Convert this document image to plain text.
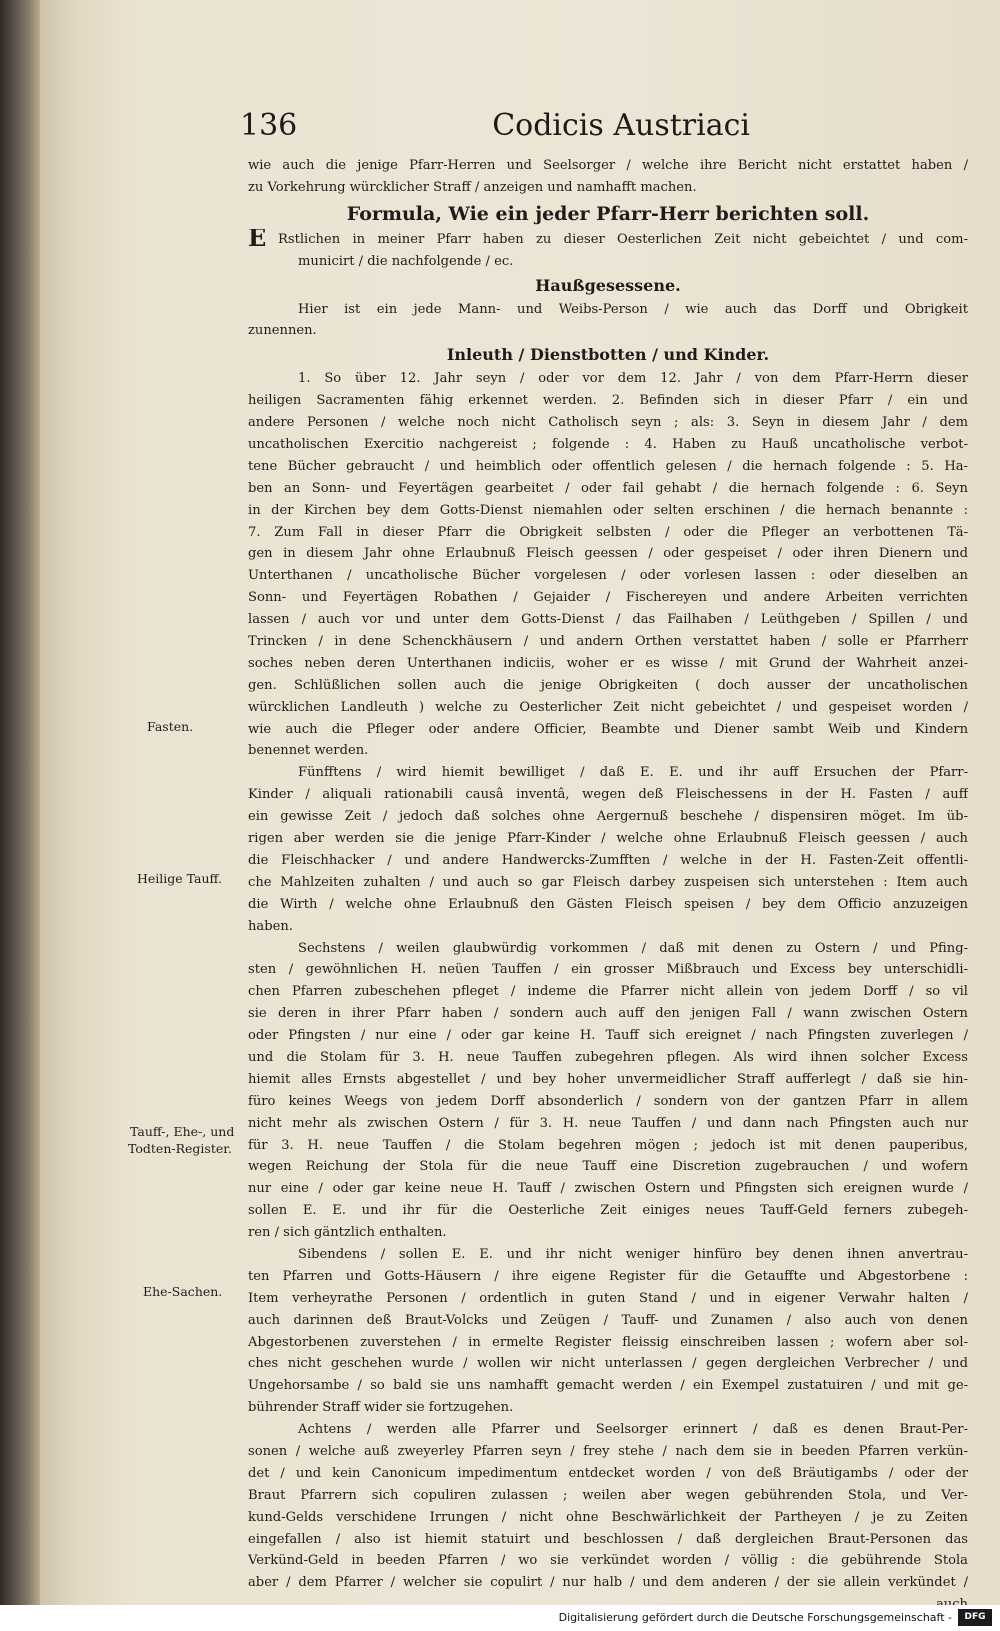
136	Codicis Austriaci
wie auch die jenige Pfarr-Herren und Seelsorger / welche ihre Bericht nicht erstattet haben /
zu Vorkehrung würcklicher Straff / anzeigen und namhafft machen.
Formula, Wie ein jeder Pfarr-Herr berichten soll.
E Rstlichen in meiner Pfarr haben zu dieser Oesterlichen Zeit nicht gebeichtet / und com-
municirt / die nachfolgende / ec.
Haußgesessene.
Hier ist ein jede Mann- und Weibs-Person / wie auch das Dorff und Obrigkeit
zunennen.
Inleuth / Dienstbotten / und Kinder.
1. So über 12. Jahr seyn / oder vor dem 12. Jahr / von dem Pfarr-Herrn dieser
heiligen Sacramenten fähig erkennet werden. 2. Befinden sich in dieser Pfarr / ein und
andere Personen / welche noch nicht Catholisch seyn ; als: 3. Seyn in diesem Jahr / dem
uncatholischen Exercitio nachgereist ; folgende : 4. Haben zu Hauß uncatholische verbot-
tene Bücher gebraucht / und heimblich oder offentlich gelesen / die hernach folgende : 5. Ha-
ben an Sonn- und Feyertägen gearbeitet / oder fail gehabt / die hernach folgende : 6. Seyn
in der Kirchen bey dem Gotts-Dienst niemahlen oder selten erschinen / die hernach benannte :
7. Zum Fall in dieser Pfarr die Obrigkeit selbsten / oder die Pfleger an verbottenen Tä-
gen in diesem Jahr ohne Erlaubnuß Fleisch geessen / oder gespeiset / oder ihren Dienern und
Unterthanen / uncatholische Bücher vorgelesen / oder vorlesen lassen : oder dieselben an
Sonn- und Feyertägen Robathen / Gejaider / Fischereyen und andere Arbeiten verrichten
lassen / auch vor und unter dem Gotts-Dienst / das Failhaben / Leüthgeben / Spillen / und
Trincken / in dene Schenckhäusern / und andern Orthen verstattet haben / solle er Pfarrherr
soches neben deren Unterthanen indiciis, woher er es wisse / mit Grund der Wahrheit anzei-
gen. Schlüßlichen sollen auch die jenige Obrigkeiten ( doch ausser der uncatholischen
würcklichen Landleuth ) welche zu Oesterlicher Zeit nicht gebeichtet / und gespeiset worden /
wie auch die Pfleger oder andere Officier, Beambte und Diener sambt Weib und Kindern
benennet werden.
Fünfftens / wird hiemit bewilliget / daß E. E. und ihr auff Ersuchen der Pfarr-
Kinder / aliquali rationabili causâ inventâ, wegen deß Fleischessens in der H. Fasten / auff
ein gewisse Zeit / jedoch daß solches ohne Aergernuß beschehe / dispensiren möget. Im üb-
rigen aber werden sie die jenige Pfarr-Kinder / welche ohne Erlaubnuß Fleisch geessen / auch
die Fleischhacker / und andere Handwercks-Zumfften / welche in der H. Fasten-Zeit offentli-
che Mahlzeiten zuhalten / und auch so gar Fleisch darbey zuspeisen sich unterstehen : Item auch
die Wirth / welche ohne Erlaubnuß den Gästen Fleisch speisen / bey dem Officio anzuzeigen
haben.
Sechstens / weilen glaubwürdig vorkommen / daß mit denen zu Ostern / und Pfing-
sten / gewöhnlichen H. neüen Tauffen / ein grosser Mißbrauch und Excess bey unterschidli-
chen Pfarren zubeschehen pfleget / indeme die Pfarrer nicht allein von jedem Dorff / so vil
sie deren in ihrer Pfarr haben / sondern auch auff den jenigen Fall / wann zwischen Ostern
oder Pfingsten / nur eine / oder gar keine H. Tauff sich ereignet / nach Pfingsten zuverlegen /
und die Stolam für 3. H. neue Tauffen zubegehren pflegen. Als wird ihnen solcher Excess
hiemit alles Ernsts abgestellet / und bey hoher unvermeidlicher Straff aufferlegt / daß sie hin-
füro keines Weegs von jedem Dorff absonderlich / sondern von der gantzen Pfarr in allem
nicht mehr als zwischen Ostern / für 3. H. neue Tauffen / und dann nach Pfingsten auch nur
für 3. H. neue Tauffen / die Stolam begehren mögen ; jedoch ist mit denen pauperibus,
wegen Reichung der Stola für die neue Tauff eine Discretion zugebrauchen / und wofern
nur eine / oder gar keine neue H. Tauff / zwischen Ostern und Pfingsten sich ereignen wurde /
sollen E. E. und ihr für die Oesterliche Zeit einiges neues Tauff-Geld ferners zubegeh-
ren / sich gäntzlich enthalten.
Sibendens / sollen E. E. und ihr nicht weniger hinfüro bey denen ihnen anvertrau-
ten Pfarren und Gotts-Häusern / ihre eigene Register für die Getauffte und Abgestorbene :
Item verheyrathe Personen / ordentlich in guten Stand / und in eigener Verwahr halten /
auch darinnen deß Braut-Volcks und Zeügen / Tauff- und Zunamen / also auch von denen
Abgestorbenen zuverstehen / in ermelte Register fleissig einschreiben lassen ; wofern aber sol-
ches nicht geschehen wurde / wollen wir nicht unterlassen / gegen dergleichen Verbrecher / und
Ungehorsambe / so bald sie uns namhafft gemacht werden / ein Exempel zustatuiren / und mit ge-
bührender Straff wider sie fortzugehen.
Achtens / werden alle Pfarrer und Seelsorger erinnert / daß es denen Braut-Per-
sonen / welche auß zweyerley Pfarren seyn / frey stehe / nach dem sie in beeden Pfarren verkün-
det / und kein Canonicum impedimentum entdecket worden / von deß Bräutigambs / oder der
Braut Pfarrern sich copuliren zulassen ; weilen aber wegen gebührenden Stola, und Ver-
kund-Gelds verschidene Irrungen / nicht ohne Beschwärlichkeit der Partheyen / je zu Zeiten
eingefallen / also ist hiemit statuirt und beschlossen / daß dergleichen Braut-Personen das
Verkünd-Geld in beeden Pfarren / wo sie verkündet worden / völlig : die gebührende Stola
aber / dem Pfarrer / welcher sie copulirt / nur halb / und dem anderen / der sie allein verkündet /
Fasten.
Heilige Tauff.
Tauff-, Ehe-, und
Todten-Register.
Ehe-Sachen.
Digitalisierung gefördert durch die Deutsche Forschungsgemeinschaft -	DFG
